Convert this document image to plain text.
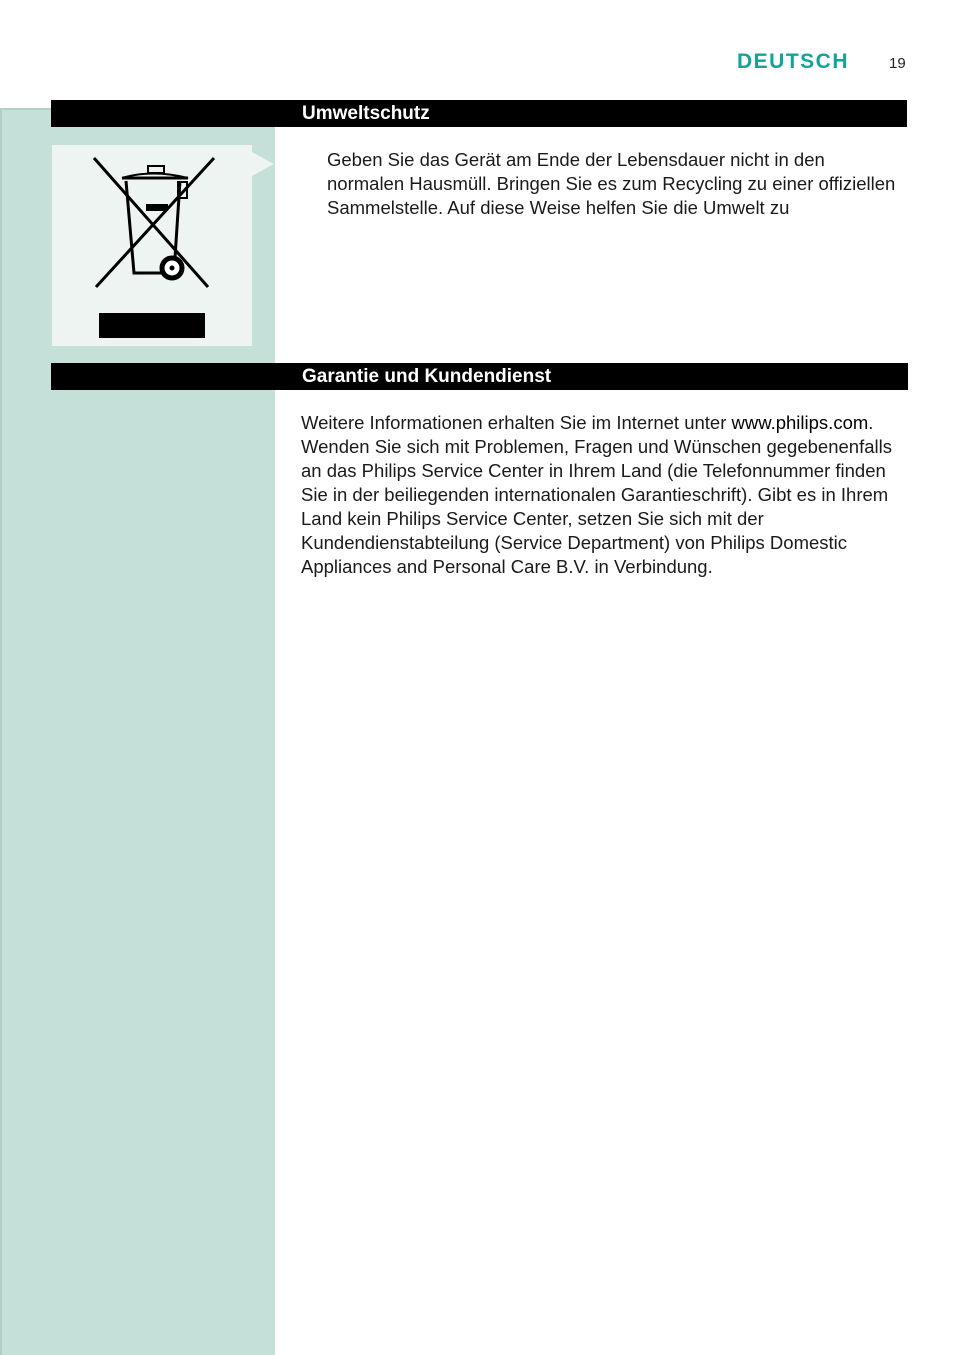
DEUTSCH	19
Umweltschutz
Geben Sie das Gerät am Ende der Lebensdauer nicht in den normalen Hausmüll. Bringen Sie es zum Recycling zu einer offiziellen Sammelstelle. Auf diese Weise helfen Sie die Umwelt zu
Garantie und Kundendienst
Weitere Informationen erhalten Sie im Internet unter www.philips.com. Wenden Sie sich mit Problemen, Fragen und Wünschen gegebenenfalls an das Philips Service Center in Ihrem Land (die Telefonnummer finden Sie in der beiliegenden internationalen Garantieschrift). Gibt es in Ihrem Land kein Philips Service Center, setzen Sie sich mit der Kundendienstabteilung (Service Department) von Philips Domestic Appliances and Personal Care B.V. in Verbindung.
